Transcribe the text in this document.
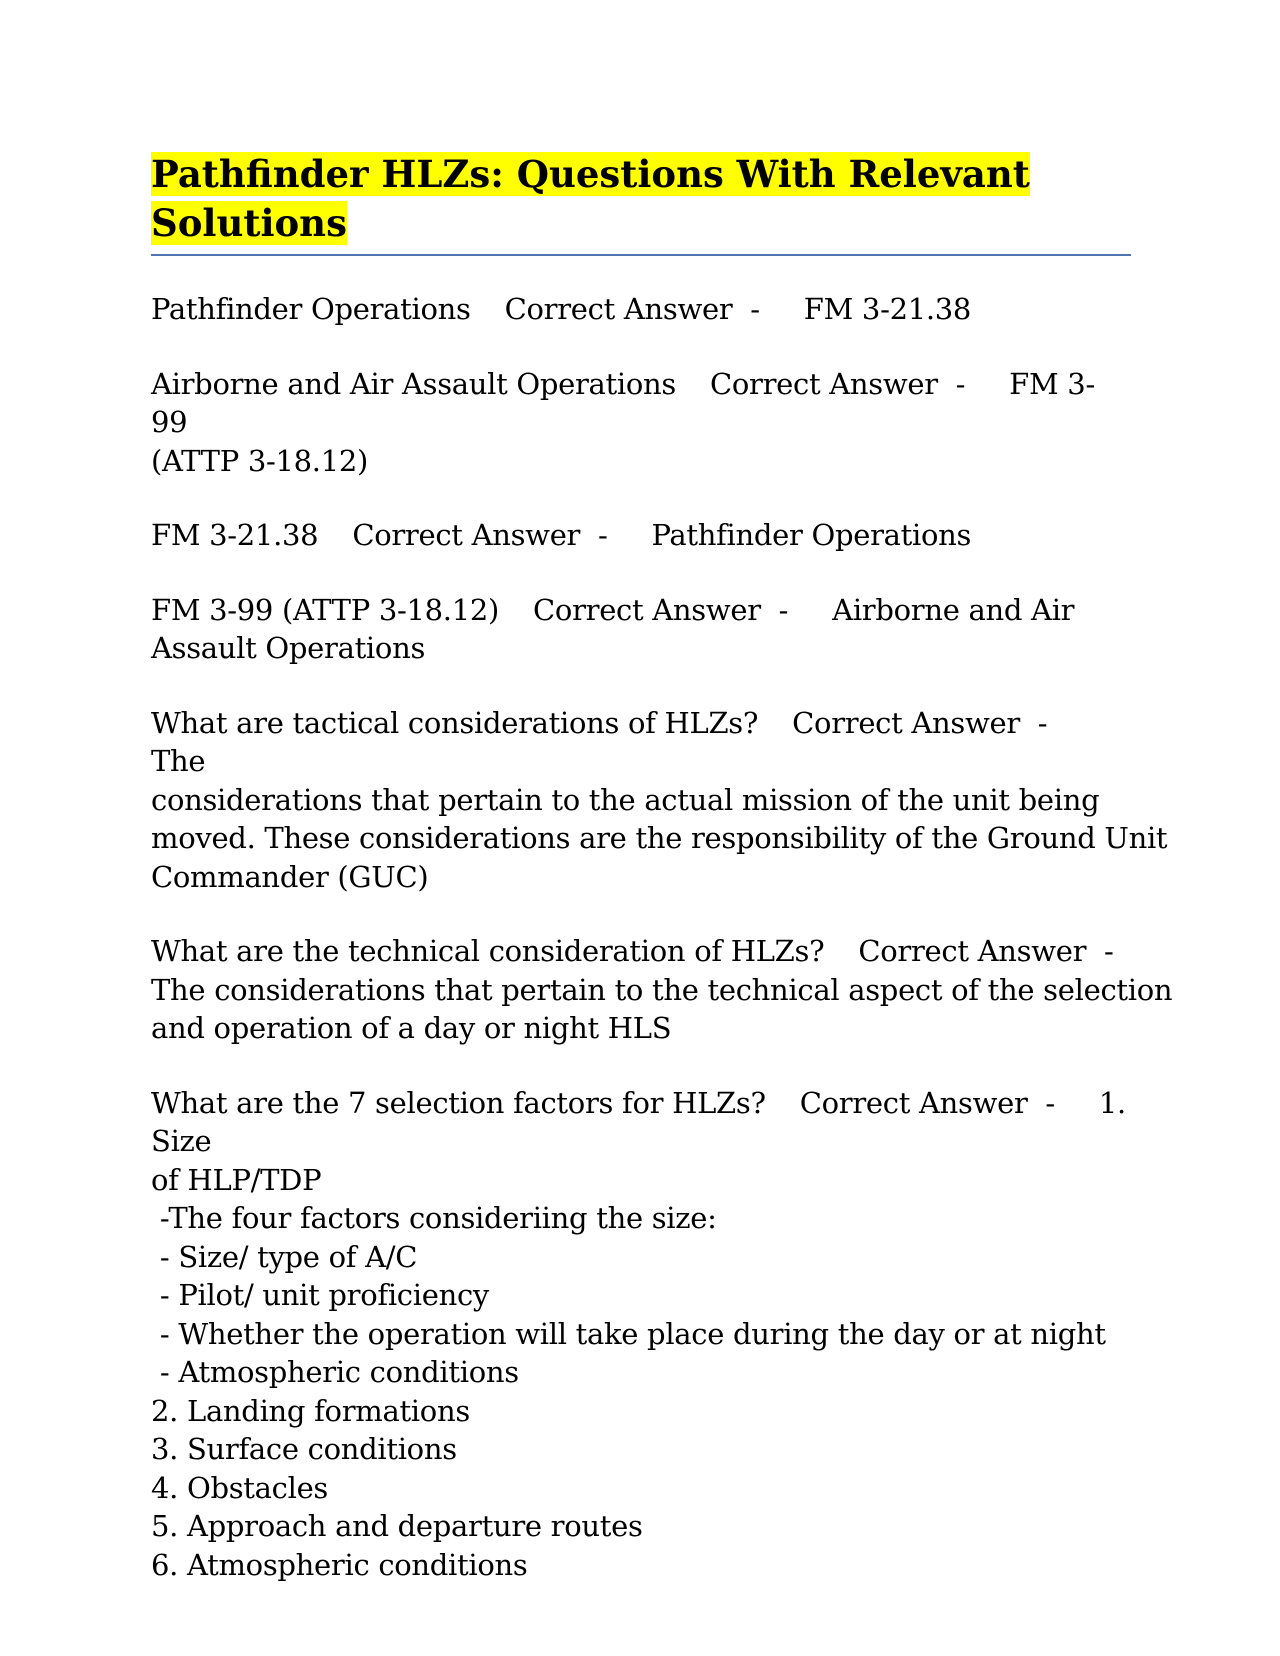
Pathfinder HLZs: Questions With Relevant
Solutions

Pathfinder Operations Correct Answer - FM 3-21.38

Airborne and Air Assault Operations Correct Answer - FM 3-99
(ATTP 3-18.12)

FM 3-21.38 Correct Answer - Pathfinder Operations

FM 3-99 (ATTP 3-18.12) Correct Answer - Airborne and Air
Assault Operations

What are tactical considerations of HLZs? Correct Answer -The
considerations that pertain to the actual mission of the unit being
moved. These considerations are the responsibility of the Ground Unit
Commander (GUC)

What are the technical consideration of HLZs? Correct Answer -
The considerations that pertain to the technical aspect of the selection
and operation of a day or night HLS

What are the 7 selection factors for HLZs? Correct Answer - 1. Size
of HLP/TDP
-The four factors consideriing the size:
- Size/ type of A/C
- Pilot/ unit proficiency
- Whether the operation will take place during the day or at night
- Atmospheric conditions
2. Landing formations
3. Surface conditions
4. Obstacles
5. Approach and departure routes
6. Atmospheric conditions
